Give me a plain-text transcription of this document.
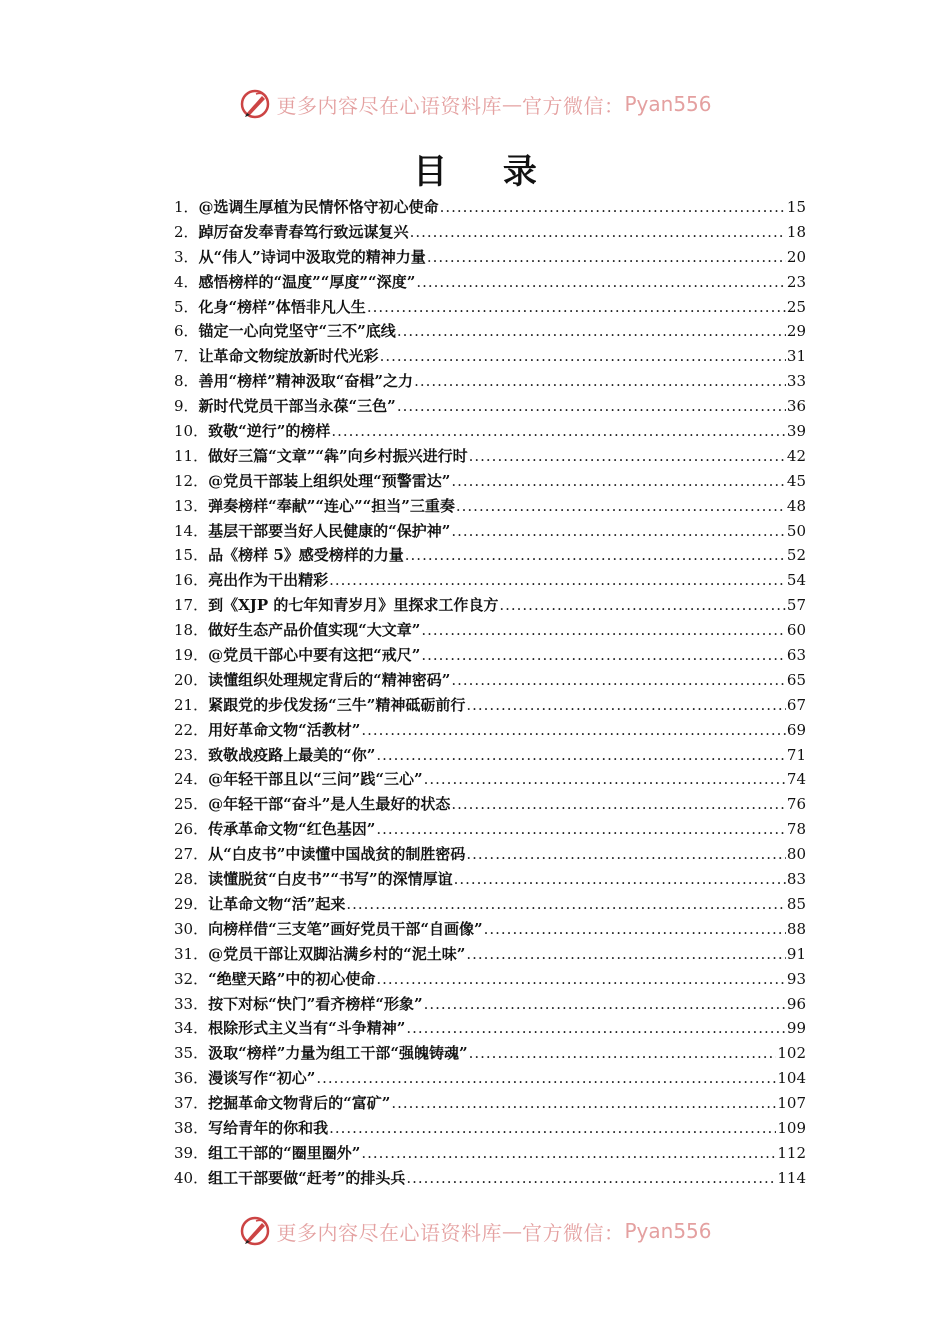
更多内容尽在心语资料库 — 官方微信： Pyan556
目 录
1． @选调生厚植为民情怀恪守初心使命 .....	15
2． 踔厉奋发奉青春笃行致远谋复兴 .....	18
3． 从“伟人”诗词中汲取党的精神力量 .....	20
4． 感悟榜样的“温度”“厚度”“深度” .....	23
5． 化身“榜样”体悟非凡人生 .....	25
6． 锚定一心向党坚守“三不”底线 .....	29
7． 让革命文物绽放新时代光彩 .....	31
8． 善用“榜样”精神汲取“奋楫”之力 .....	33
9． 新时代党员干部当永葆“三色” .....	36
10． 致敬“逆行”的榜样 .....	39
11． 做好三篇“文章”“犇”向乡村振兴进行时 .....	42
12． @党员干部装上组织处理“预警雷达” .....	45
13． 弹奏榜样“奉献”“连心”“担当”三重奏 .....	48
14． 基层干部要当好人民健康的“保护神” .....	50
15． 品《榜样 5》感受榜样的力量 .....	52
16． 亮出作为干出精彩 .....	54
17． 到《XJP 的七年知青岁月》里探求工作良方 .....	57
18． 做好生态产品价值实现“大文章” .....	60
19． @党员干部心中要有这把“戒尺” .....	63
20． 读懂组织处理规定背后的“精神密码” .....	65
21． 紧跟党的步伐发扬“三牛”精神砥砺前行 .....	67
22． 用好革命文物“活教材” .....	69
23． 致敬战疫路上最美的“你” .....	71
24． @年轻干部且以“三问”践“三心” .....	74
25． @年轻干部“奋斗”是人生最好的状态 .....	76
26． 传承革命文物“红色基因” .....	78
27． 从“白皮书”中读懂中国战贫的制胜密码 .....	80
28． 读懂脱贫“白皮书”“书写”的深情厚谊 .....	83
29． 让革命文物“活”起来 .....	85
30． 向榜样借“三支笔”画好党员干部“自画像” .....	88
31． @党员干部让双脚沾满乡村的“泥土味” .....	91
32． “绝壁天路”中的初心使命 .....	93
33． 按下对标“快门”看齐榜样“形象” .....	96
34． 根除形式主义当有“斗争精神” .....	99
35． 汲取“榜样”力量为组工干部“强魄铸魂” .....	102
36． 漫谈写作“初心” .....	104
37． 挖掘革命文物背后的“富矿” .....	107
38． 写给青年的你和我 .....	109
39． 组工干部的“圈里圈外” .....	112
40． 组工干部要做“赶考”的排头兵 .....	114
更多内容尽在心语资料库 — 官方微信： Pyan556
